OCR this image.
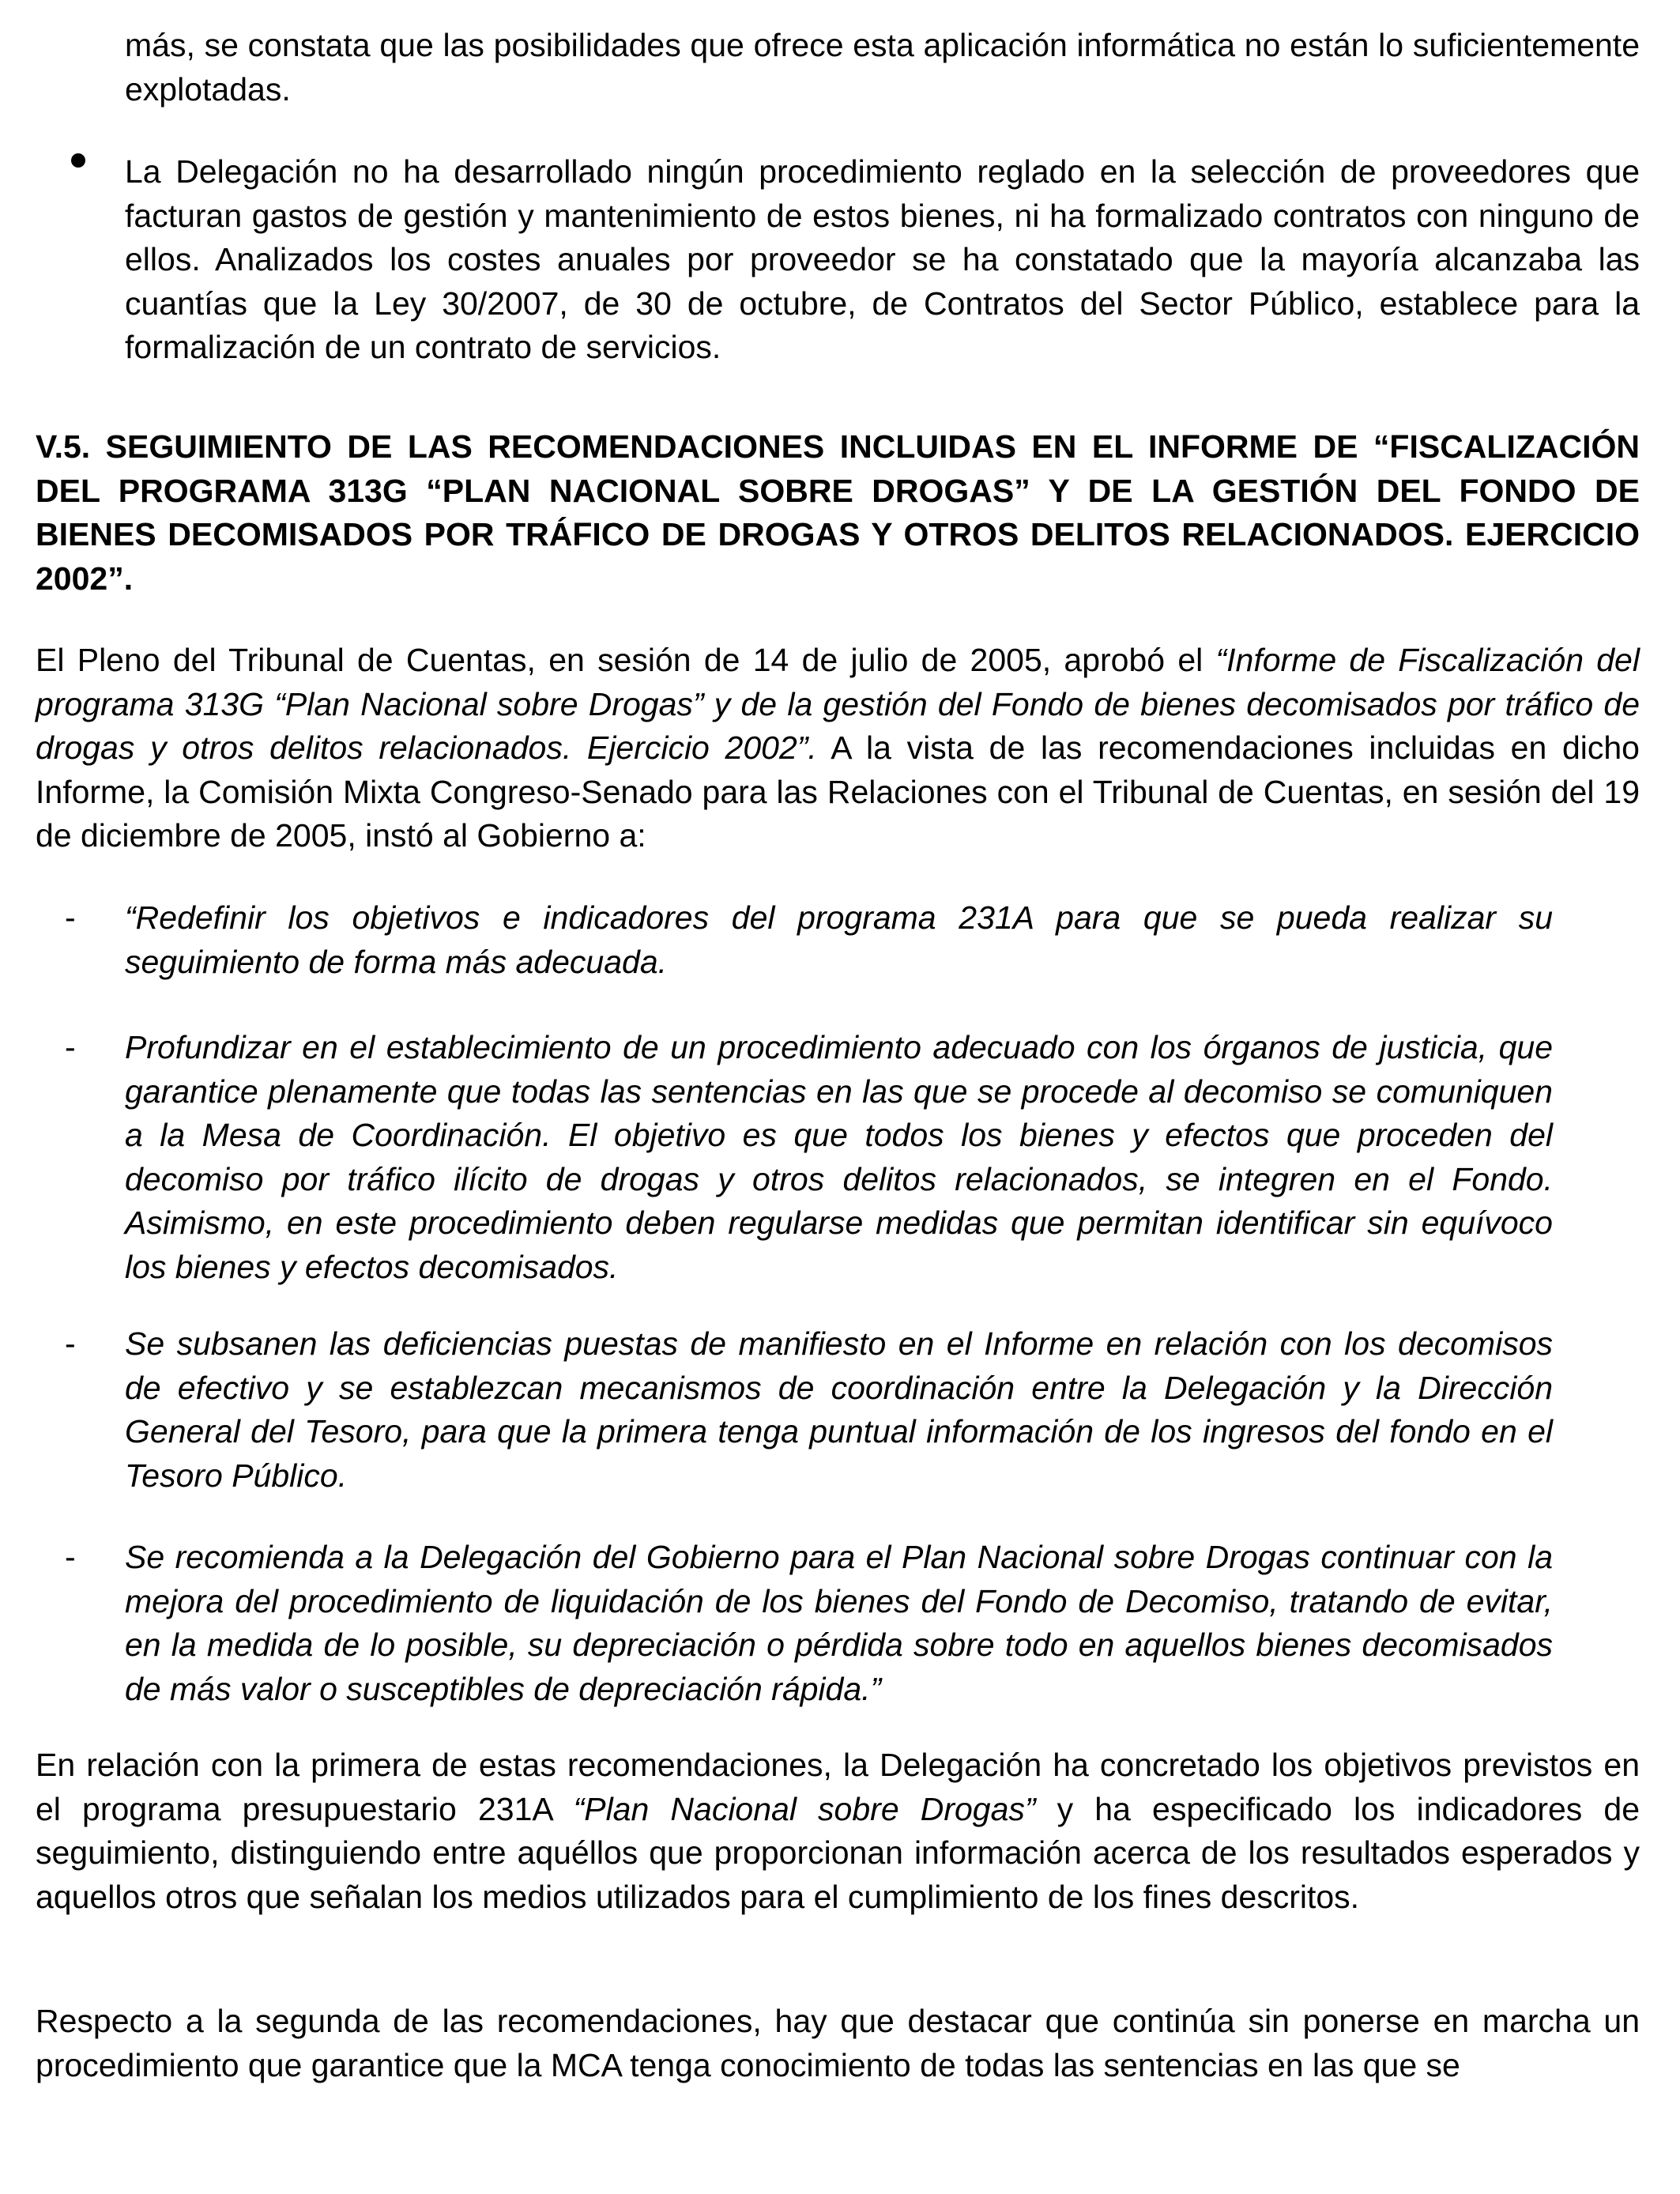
más, se constata que las posibilidades que ofrece esta aplicación informática no están lo suficientemente explotadas.

La Delegación no ha desarrollado ningún procedimiento reglado en la selección de proveedores que facturan gastos de gestión y mantenimiento de estos bienes, ni ha formalizado contratos con ninguno de ellos. Analizados los costes anuales por proveedor se ha constatado que la mayoría alcanzaba las cuantías que la Ley 30/2007, de 30 de octubre, de Contratos del Sector Público, establece para la formalización de un contrato de servicios.

V.5. SEGUIMIENTO DE LAS RECOMENDACIONES INCLUIDAS EN EL INFORME DE “FISCALIZACIÓN DEL PROGRAMA 313G “PLAN NACIONAL SOBRE DROGAS” Y DE LA GESTIÓN DEL FONDO DE BIENES DECOMISADOS POR TRÁFICO DE DROGAS Y OTROS DELITOS RELACIONADOS. EJERCICIO 2002”.

El Pleno del Tribunal de Cuentas, en sesión de 14 de julio de 2005, aprobó el “Informe de Fiscalización del programa 313G “Plan Nacional sobre Drogas” y de la gestión del Fondo de bienes decomisados por tráfico de drogas y otros delitos relacionados. Ejercicio 2002”. A la vista de las recomendaciones incluidas en dicho Informe, la Comisión Mixta Congreso-Senado para las Relaciones con el Tribunal de Cuentas, en sesión del 19 de diciembre de 2005, instó al Gobierno a:

- “Redefinir los objetivos e indicadores del programa 231A para que se pueda realizar su seguimiento de forma más adecuada.

- Profundizar en el establecimiento de un procedimiento adecuado con los órganos de justicia, que garantice plenamente que todas las sentencias en las que se procede al decomiso se comuniquen a la Mesa de Coordinación. El objetivo es que todos los bienes y efectos que proceden del decomiso por tráfico ilícito de drogas y otros delitos relacionados, se integren en el Fondo. Asimismo, en este procedimiento deben regularse medidas que permitan identificar sin equívoco los bienes y efectos decomisados.

- Se subsanen las deficiencias puestas de manifiesto en el Informe en relación con los decomisos de efectivo y se establezcan mecanismos de coordinación entre la Delegación y la Dirección General del Tesoro, para que la primera tenga puntual información de los ingresos del fondo en el Tesoro Público.

- Se recomienda a la Delegación del Gobierno para el Plan Nacional sobre Drogas continuar con la mejora del procedimiento de liquidación de los bienes del Fondo de Decomiso, tratando de evitar, en la medida de lo posible, su depreciación o pérdida sobre todo en aquellos bienes decomisados de más valor o susceptibles de depreciación rápida.”

En relación con la primera de estas recomendaciones, la Delegación ha concretado los objetivos previstos en el programa presupuestario 231A “Plan Nacional sobre Drogas” y ha especificado los indicadores de seguimiento, distinguiendo entre aquéllos que proporcionan información acerca de los resultados esperados y aquellos otros que señalan los medios utilizados para el cumplimiento de los fines descritos.

Respecto a la segunda de las recomendaciones, hay que destacar que continúa sin ponerse en marcha un procedimiento que garantice que la MCA tenga conocimiento de todas las sentencias en las que se
